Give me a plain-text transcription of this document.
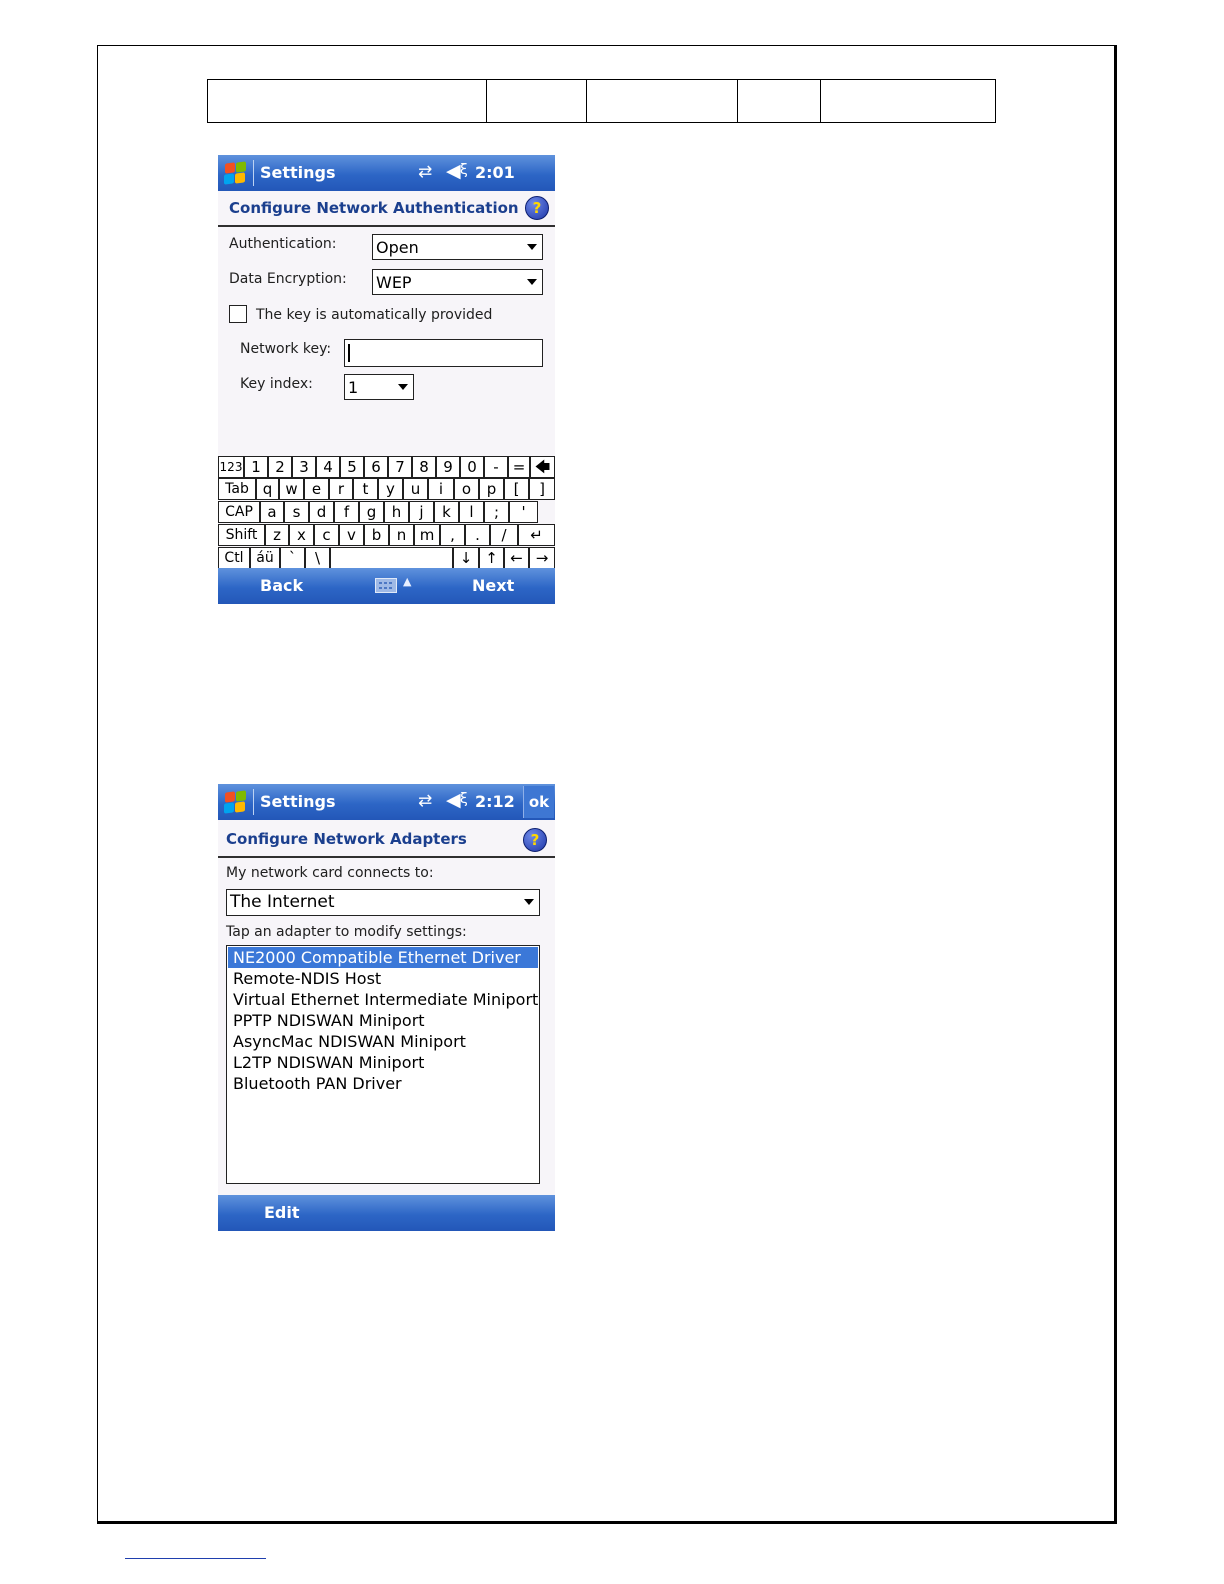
Settings	⇄ ◀ ξ 2:01
Configure Network Authentication ?
Authentication: Open
Data Encryption: WEP
The key is automatically provided
Network key:
Key index: 1
123 1 2 3 4 5 6 7 8 9 0	- = 🡄
Tab q w e	r	t	y	u	i	o	p	[	]
CAP a	s	d	f	g	h	j	k	l	;	'
Shift	z	x	c	v	b	n m	,	.	/	↵
Ctl áü	`	\	↓ ↑ ← →
Back	▲	Next
Settings	⇄ ◀ ξ 2:12 ok
Configure Network Adapters	?
My network card connects to:
The Internet
Tap an adapter to modify settings:
NE2000 Compatible Ethernet Driver
Remote-NDIS Host
Virtual Ethernet Intermediate Miniport
PPTP NDISWAN Miniport
AsyncMac NDISWAN Miniport
L2TP NDISWAN Miniport
Bluetooth PAN Driver
Edit
